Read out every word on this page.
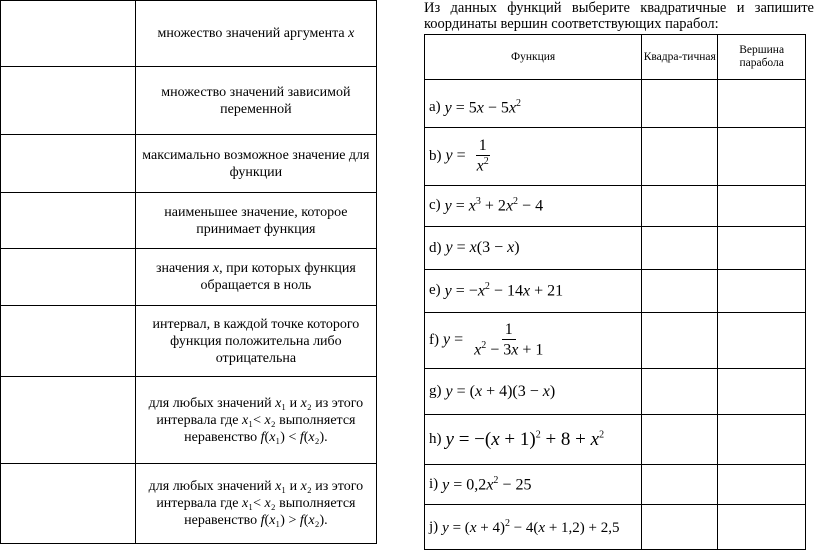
	множество значений аргумента x
	множество значений зависимой переменной
	максимально возможное значение для функции
	наименьшее значение, которое принимает функция
	значения x, при которых функция обращается в ноль
	интервал, в каждой точке которого функция положительна либо отрицательна
	для любых значений x₁ и x₂ из этого интервала где x₁< x₂ выполняется неравенство f(x₁) < f(x₂).
	для любых значений x₁ и x₂ из этого интервала где x₁< x₂ выполняется неравенство f(x₁) > f(x₂).
Из данных функций выберите квадратичные и запишите
координаты вершин соответствующих парабол:
Функция	Квадра-тичная	Вершина парабола

a) $y = 5x - 5x^2$

b) $y = \frac{1}{x^2}$

c) $y = x^3 + 2x^2 - 4$		

d) y = x(3 − x)		

e) $y = -x^2 - 14x + 21$		

f) $y = \frac{1}{x^2 - 3x + 1}$

g) y = (x + 4)(3 − x)		

h) $y = -(x + 1)^2 + 8 + x^2$

i) $y = 0,2x^2 - 25$		

j) $y = (x + 4)^2 - 4(x + 1,2) + 2,5$		
